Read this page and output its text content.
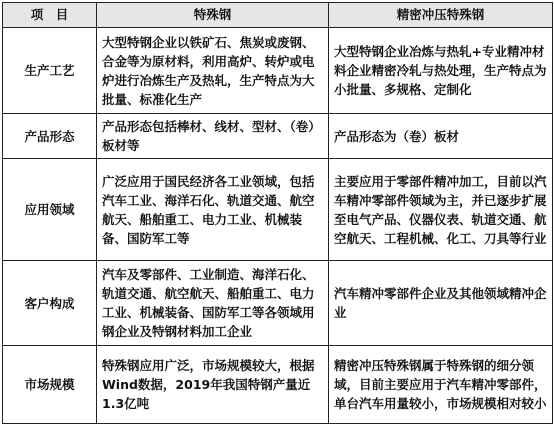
项　目	特殊钢	精密冲压特殊钢
生产工艺	大型特钢企业以铁矿石、焦炭或废钢、合金等为原材料，利用高炉、转炉或电炉进行冶炼生产及热轧，生产特点为大批量、标准化生产	大型特钢企业冶炼与热轧+专业精冲材料企业精密冷轧与热处理，生产特点为小批量、多规格、定制化
产品形态	产品形态包括棒材、线材、型材、（卷）板材等	产品形态为（卷）板材
应用领域	广泛应用于国民经济各工业领域，包括汽车工业、海洋石化、轨道交通、航空航天、船舶重工、电力工业、机械装备、国防军工等	主要应用于零部件精冲加工，目前以汽车精冲零部件领域为主，并已逐步扩展至电气产品、仪器仪表、轨道交通、航空航天、工程机械、化工、刀具等行业
客户构成	汽车及零部件、工业制造、海洋石化、轨道交通、航空航天、船舶重工、电力工业、机械装备、国防军工等各领域用钢企业及特钢材料加工企业	汽车精冲零部件企业及其他领域精冲企业
市场规模	特殊钢应用广泛，市场规模较大，根据Wind数据，2019年我国特钢产量近1.3亿吨	精密冲压特殊钢属于特殊钢的细分领域，目前主要应用于汽车精冲零部件，单台汽车用量较小，市场规模相对较小
